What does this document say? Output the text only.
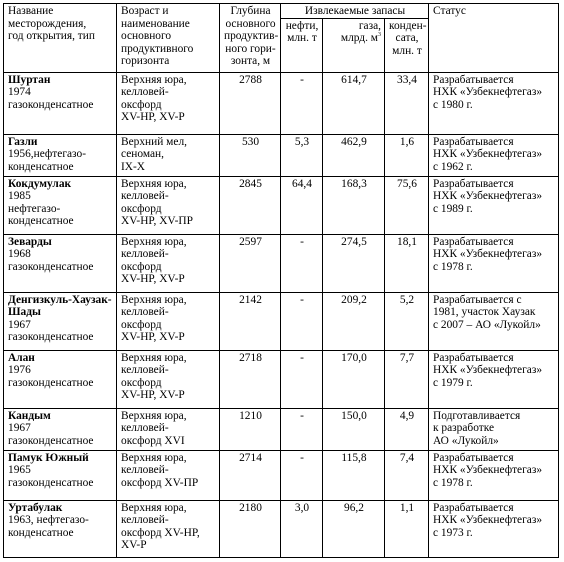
Название
месторождения,
год открытия, тип	Возраст и
наименование
основного
продуктивного
горизонта	Глубина
основного
продуктив-
ного гори-
зонта, м	Извлекаемые запасы			Статус

			нефти,
млн. т	газа,
млрд. $м^3$	конден-
сата,
млн. т	

Шуртан
1974
газоконденсатное	Верхняя юра,
келловей-
оксфорд
XV-HP, XV-P	2788	-	614,7	33,4	Разрабатывается
НХК «Узбекнефтегаз»
с 1980 г.

Газли
1956,нефтегазо-
конденсатное	Верхний мел,
сеноман,
IX-X	530	5,3	462,9	1,6	Разрабатывается
НХК «Узбекнефтегаз»
с 1962 г.

Кокдумулак
1985
нефтегазо-
конденсатное	Верхняя юра,
келловей-
оксфорд
XV-HP, XV-ПР	2845	64,4	168,3	75,6	Разрабатывается
НХК «Узбекнефтегаз»
с 1989 г.

Зеварды
1968
газоконденсатное	Верхняя юра,
келловей-
оксфорд
XV-HP, XV-P	2597	-	274,5	18,1	Разрабатывается
НХК «Узбекнефтегаз»
с 1978 г.

Денгизкуль-Хаузак-Шады
1967
газоконденсатное	Верхняя юра,
келловей-
оксфорд
XV-HP, XV-P	2142	-	209,2	5,2	Разрабатывается с
1981, участок Хаузак
с 2007 – АО «Лукойл»

Алан
1976
газоконденсатное	Верхняя юра,
келловей-
оксфорд
XV-HP, XV-P	2718	-	170,0	7,7	Разрабатывается
НХК «Узбекнефтегаз»
с 1979 г.

Кандым
1967
газоконденсатное	Верхняя юра,
келловей-
оксфорд XVI	1210	-	150,0	4,9	Подготавливается
к разработке
АО «Лукойл»

Памук Южный
1965
газоконденсатное	Верхняя юра,
келловей-
оксфорд XV-ПР	2714	-	115,8	7,4	Разрабатывается
НХК «Узбекнефтегаз»
с 1978 г.

Уртабулак
1963, нефтегазо-
конденсатное	Верхняя юра,
келловей-
оксфорд XV-HP,
XV-P	2180	3,0	96,2	1,1	Разрабатывается
НХК «Узбекнефтегаз»
с 1973 г.
